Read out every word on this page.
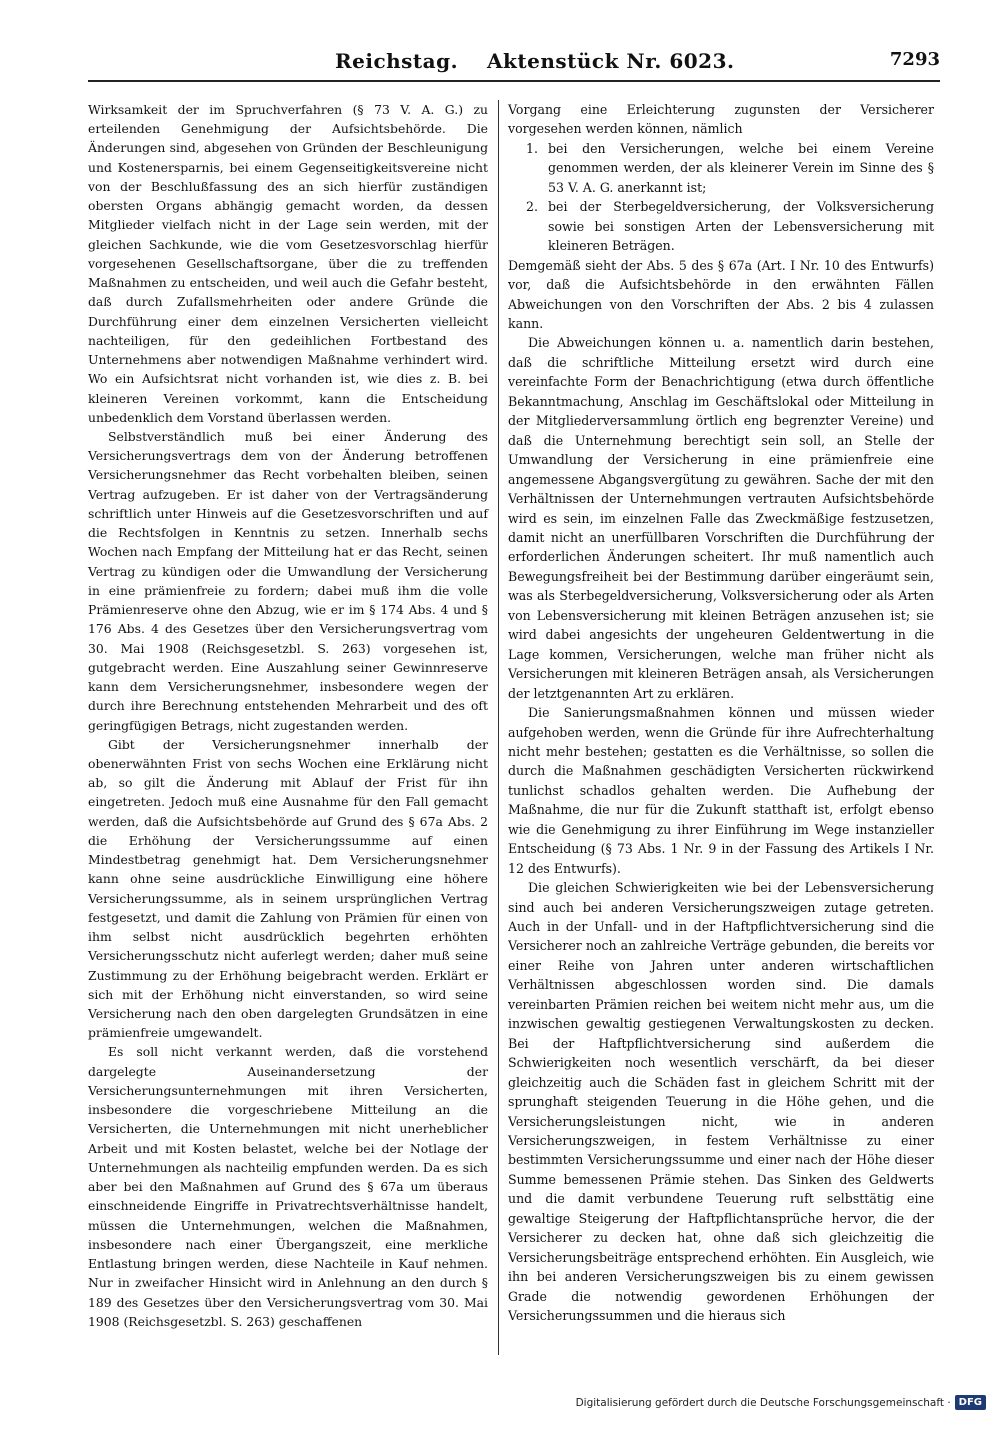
Reichstag. Aktenstück Nr. 6023.	7293

Wirksamkeit der im Spruchverfahren (§ 73 V. A. G.) zu erteilenden Genehmigung der Aufsichtsbehörde. Die Änderungen sind, abgesehen von Gründen der Beschleunigung und Kostenersparnis, bei einem Gegenseitigkeitsvereine nicht von der Beschlußfassung des an sich hierfür zuständigen obersten Organs abhängig gemacht worden, da dessen Mitglieder vielfach nicht in der Lage sein werden, mit der gleichen Sachkunde, wie die vom Gesetzesvorschlag hierfür vorgesehenen Gesellschaftsorgane, über die zu treffenden Maßnahmen zu entscheiden, und weil auch die Gefahr besteht, daß durch Zufallsmehrheiten oder andere Gründe die Durchführung einer dem einzelnen Versicherten vielleicht nachteiligen, für den gedeihlichen Fortbestand des Unternehmens aber notwendigen Maßnahme verhindert wird. Wo ein Aufsichtsrat nicht vorhanden ist, wie dies z. B. bei kleineren Vereinen vorkommt, kann die Entscheidung unbedenklich dem Vorstand überlassen werden.

Selbstverständlich muß bei einer Änderung des Versicherungsvertrags dem von der Änderung betroffenen Versicherungsnehmer das Recht vorbehalten bleiben, seinen Vertrag aufzugeben. Er ist daher von der Vertragsänderung schriftlich unter Hinweis auf die Gesetzesvorschriften und auf die Rechtsfolgen in Kenntnis zu setzen. Innerhalb sechs Wochen nach Empfang der Mitteilung hat er das Recht, seinen Vertrag zu kündigen oder die Umwandlung der Versicherung in eine prämienfreie zu fordern; dabei muß ihm die volle Prämienreserve ohne den Abzug, wie er im § 174 Abs. 4 und § 176 Abs. 4 des Gesetzes über den Versicherungsvertrag vom 30. Mai 1908 (Reichsgesetzbl. S. 263) vorgesehen ist, gutgebracht werden. Eine Auszahlung seiner Gewinnreserve kann dem Versicherungsnehmer, insbesondere wegen der durch ihre Berechnung entstehenden Mehrarbeit und des oft geringfügigen Betrags, nicht zugestanden werden.

Gibt der Versicherungsnehmer innerhalb der obenerwähnten Frist von sechs Wochen eine Erklärung nicht ab, so gilt die Änderung mit Ablauf der Frist für ihn eingetreten. Jedoch muß eine Ausnahme für den Fall gemacht werden, daß die Aufsichtsbehörde auf Grund des § 67a Abs. 2 die Erhöhung der Versicherungssumme auf einen Mindestbetrag genehmigt hat. Dem Versicherungsnehmer kann ohne seine ausdrückliche Einwilligung eine höhere Versicherungssumme, als in seinem ursprünglichen Vertrag festgesetzt, und damit die Zahlung von Prämien für einen von ihm selbst nicht ausdrücklich begehrten erhöhten Versicherungsschutz nicht auferlegt werden; daher muß seine Zustimmung zu der Erhöhung beigebracht werden. Erklärt er sich mit der Erhöhung nicht einverstanden, so wird seine Versicherung nach den oben dargelegten Grundsätzen in eine prämienfreie umgewandelt.

Es soll nicht verkannt werden, daß die vorstehend dargelegte Auseinandersetzung der Versicherungsunternehmungen mit ihren Versicherten, insbesondere die vorgeschriebene Mitteilung an die Versicherten, die Unternehmungen mit nicht unerheblicher Arbeit und mit Kosten belastet, welche bei der Notlage der Unternehmungen als nachteilig empfunden werden. Da es sich aber bei den Maßnahmen auf Grund des § 67a um überaus einschneidende Eingriffe in Privatrechtsverhältnisse handelt, müssen die Unternehmungen, welchen die Maßnahmen, insbesondere nach einer Übergangszeit, eine merkliche Entlastung bringen werden, diese Nachteile in Kauf nehmen. Nur in zweifacher Hinsicht wird in Anlehnung an den durch § 189 des Gesetzes über den Versicherungsvertrag vom 30. Mai 1908 (Reichsgesetzbl. S. 263) geschaffenen

Vorgang eine Erleichterung zugunsten der Versicherer vorgesehen werden können, nämlich

1. bei den Versicherungen, welche bei einem Vereine genommen werden, der als kleinerer Verein im Sinne des § 53 V. A. G. anerkannt ist;
2. bei der Sterbegeldversicherung, der Volksversicherung sowie bei sonstigen Arten der Lebensversicherung mit kleineren Beträgen.

Demgemäß sieht der Abs. 5 des § 67a (Art. I Nr. 10 des Entwurfs) vor, daß die Aufsichtsbehörde in den erwähnten Fällen Abweichungen von den Vorschriften der Abs. 2 bis 4 zulassen kann.

Die Abweichungen können u. a. namentlich darin bestehen, daß die schriftliche Mitteilung ersetzt wird durch eine vereinfachte Form der Benachrichtigung (etwa durch öffentliche Bekanntmachung, Anschlag im Geschäftslokal oder Mitteilung in der Mitgliederversammlung örtlich eng begrenzter Vereine) und daß die Unternehmung berechtigt sein soll, an Stelle der Umwandlung der Versicherung in eine prämienfreie eine angemessene Abgangsvergütung zu gewähren. Sache der mit den Verhältnissen der Unternehmungen vertrauten Aufsichtsbehörde wird es sein, im einzelnen Falle das Zweckmäßige festzusetzen, damit nicht an unerfüllbaren Vorschriften die Durchführung der erforderlichen Änderungen scheitert. Ihr muß namentlich auch Bewegungsfreiheit bei der Bestimmung darüber eingeräumt sein, was als Sterbegeldversicherung, Volksversicherung oder als Arten von Lebensversicherung mit kleinen Beträgen anzusehen ist; sie wird dabei angesichts der ungeheuren Geldentwertung in die Lage kommen, Versicherungen, welche man früher nicht als Versicherungen mit kleineren Beträgen ansah, als Versicherungen der letztgenannten Art zu erklären.

Die Sanierungsmaßnahmen können und müssen wieder aufgehoben werden, wenn die Gründe für ihre Aufrechterhaltung nicht mehr bestehen; gestatten es die Verhältnisse, so sollen die durch die Maßnahmen geschädigten Versicherten rückwirkend tunlichst schadlos gehalten werden. Die Aufhebung der Maßnahme, die nur für die Zukunft statthaft ist, erfolgt ebenso wie die Genehmigung zu ihrer Einführung im Wege instanzieller Entscheidung (§ 73 Abs. 1 Nr. 9 in der Fassung des Artikels I Nr. 12 des Entwurfs).

Die gleichen Schwierigkeiten wie bei der Lebensversicherung sind auch bei anderen Versicherungszweigen zutage getreten. Auch in der Unfall- und in der Haftpflichtversicherung sind die Versicherer noch an zahlreiche Verträge gebunden, die bereits vor einer Reihe von Jahren unter anderen wirtschaftlichen Verhältnissen abgeschlossen worden sind. Die damals vereinbarten Prämien reichen bei weitem nicht mehr aus, um die inzwischen gewaltig gestiegenen Verwaltungskosten zu decken. Bei der Haftpflichtversicherung sind außerdem die Schwierigkeiten noch wesentlich verschärft, da bei dieser gleichzeitig auch die Schäden fast in gleichem Schritt mit der sprunghaft steigenden Teuerung in die Höhe gehen, und die Versicherungsleistungen nicht, wie in anderen Versicherungszweigen, in festem Verhältnisse zu einer bestimmten Versicherungssumme und einer nach der Höhe dieser Summe bemessenen Prämie stehen. Das Sinken des Geldwerts und die damit verbundene Teuerung ruft selbsttätig eine gewaltige Steigerung der Haftpflichtansprüche hervor, die der Versicherer zu decken hat, ohne daß sich gleichzeitig die Versicherungsbeiträge entsprechend erhöhten. Ein Ausgleich, wie ihn bei anderen Versicherungszweigen bis zu einem gewissen Grade die notwendig gewordenen Erhöhungen der Versicherungssummen und die hieraus sich

Digitalisierung gefördert durch die Deutsche Forschungsgemeinschaft · DFG
